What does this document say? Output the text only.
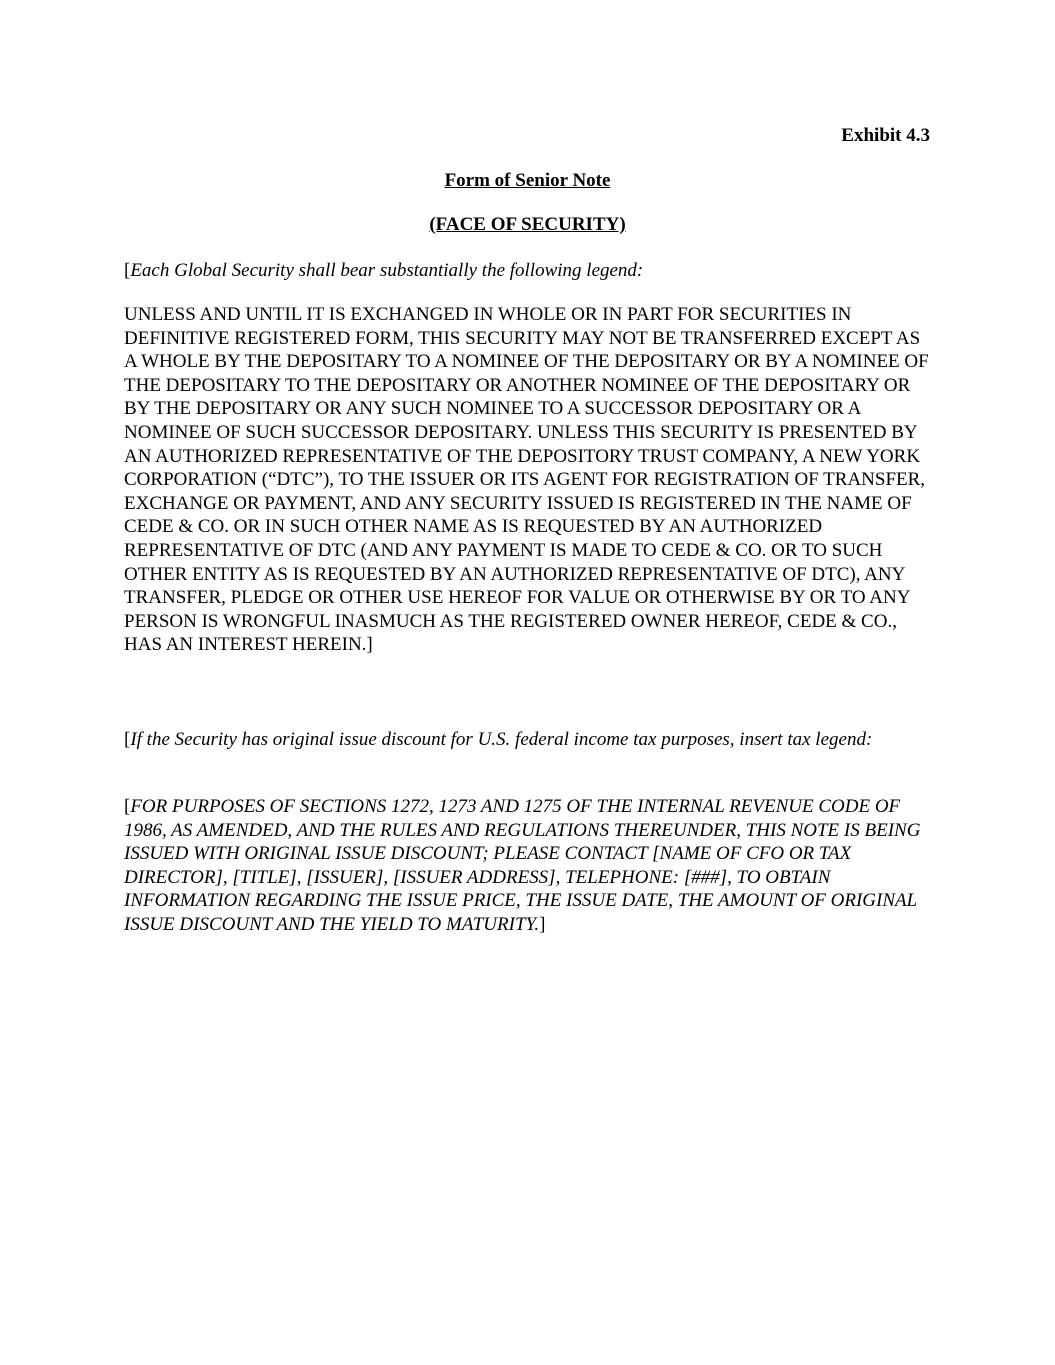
Exhibit 4.3
Form of Senior Note
(FACE OF SECURITY)

[Each Global Security shall bear substantially the following legend:

UNLESS AND UNTIL IT IS EXCHANGED IN WHOLE OR IN PART FOR SECURITIES IN DEFINITIVE REGISTERED FORM, THIS SECURITY MAY NOT BE TRANSFERRED EXCEPT AS A WHOLE BY THE DEPOSITARY TO A NOMINEE OF THE DEPOSITARY OR BY A NOMINEE OF THE DEPOSITARY TO THE DEPOSITARY OR ANOTHER NOMINEE OF THE DEPOSITARY OR BY THE DEPOSITARY OR ANY SUCH NOMINEE TO A SUCCESSOR DEPOSITARY OR A NOMINEE OF SUCH SUCCESSOR DEPOSITARY. UNLESS THIS SECURITY IS PRESENTED BY AN AUTHORIZED REPRESENTATIVE OF THE DEPOSITORY TRUST COMPANY, A NEW YORK CORPORATION (“DTC”), TO THE ISSUER OR ITS AGENT FOR REGISTRATION OF TRANSFER, EXCHANGE OR PAYMENT, AND ANY SECURITY ISSUED IS REGISTERED IN THE NAME OF CEDE & CO. OR IN SUCH OTHER NAME AS IS REQUESTED BY AN AUTHORIZED REPRESENTATIVE OF DTC (AND ANY PAYMENT IS MADE TO CEDE & CO. OR TO SUCH OTHER ENTITY AS IS REQUESTED BY AN AUTHORIZED REPRESENTATIVE OF DTC), ANY TRANSFER, PLEDGE OR OTHER USE HEREOF FOR VALUE OR OTHERWISE BY OR TO ANY PERSON IS WRONGFUL INASMUCH AS THE REGISTERED OWNER HEREOF, CEDE & CO., HAS AN INTEREST HEREIN.]

[If the Security has original issue discount for U.S. federal income tax purposes, insert tax legend:

[FOR PURPOSES OF SECTIONS 1272, 1273 AND 1275 OF THE INTERNAL REVENUE CODE OF 1986, AS AMENDED, AND THE RULES AND REGULATIONS THEREUNDER, THIS NOTE IS BEING ISSUED WITH ORIGINAL ISSUE DISCOUNT; PLEASE CONTACT [NAME OF CFO OR TAX DIRECTOR], [TITLE], [ISSUER], [ISSUER ADDRESS], TELEPHONE: [###], TO OBTAIN INFORMATION REGARDING THE ISSUE PRICE, THE ISSUE DATE, THE AMOUNT OF ORIGINAL ISSUE DISCOUNT AND THE YIELD TO MATURITY.]
